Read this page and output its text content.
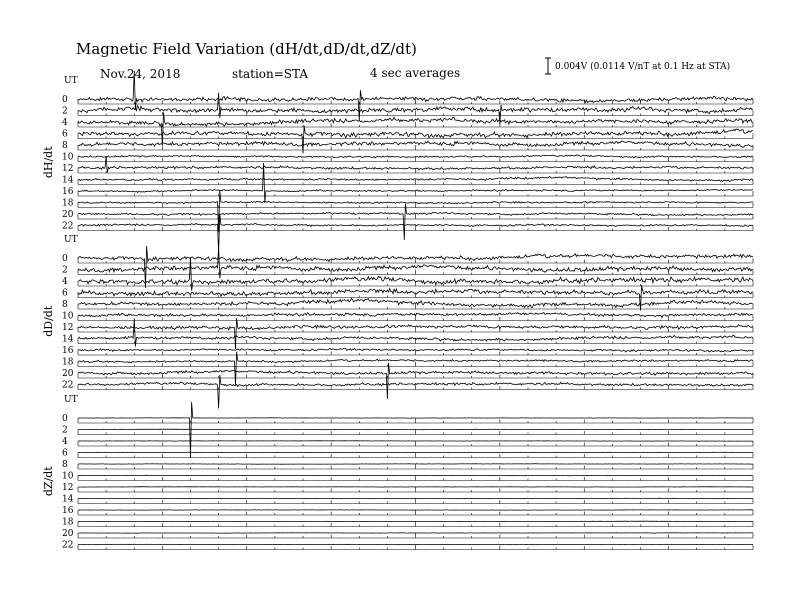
Magnetic Field Variation (dH/dt,dD/dt,dZ/dt)
Nov.24, 2018	station=STA	4 sec averages	0.004V (0.0114 V/nT at 0.1 Hz at STA)
UT
dH/dt
0
2
4
6
8
10
12
14
16
18
20
22
UT
dD/dt
0
2
4
6
8
10
12
14
16
18
20
22
UT
dZ/dt
0
2
4
6
8
10
12
14
16
18
20
22
